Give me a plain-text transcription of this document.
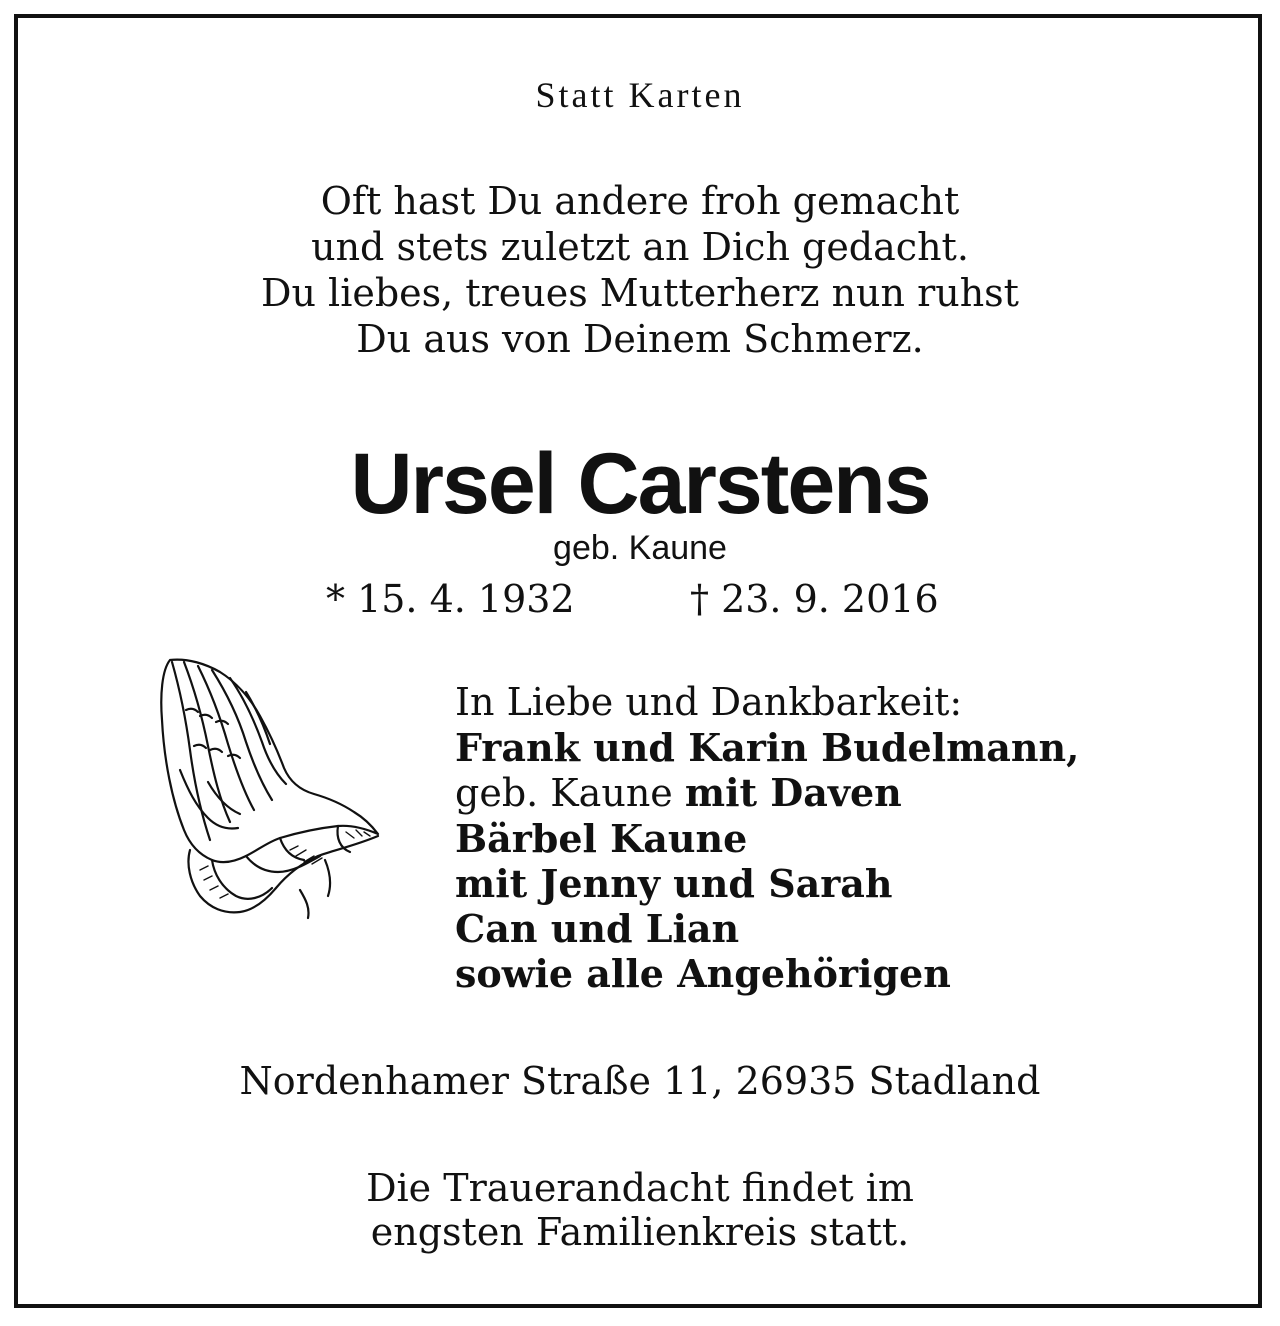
Statt Karten
Oft hast Du andere froh gemacht
und stets zuletzt an Dich gedacht.
Du liebes, treues Mutterherz nun ruhst
Du aus von Deinem Schmerz.
Ursel Carstens
geb. Kaune
* 15. 4. 1932	† 23. 9. 2016
In Liebe und Dankbarkeit:
Frank und Karin Budelmann,
geb. Kaune mit Daven
Bärbel Kaune
mit Jenny und Sarah
Can und Lian
sowie alle Angehörigen
Nordenhamer Straße 11, 26935 Stadland
Die Trauerandacht findet im
engsten Familienkreis statt.
